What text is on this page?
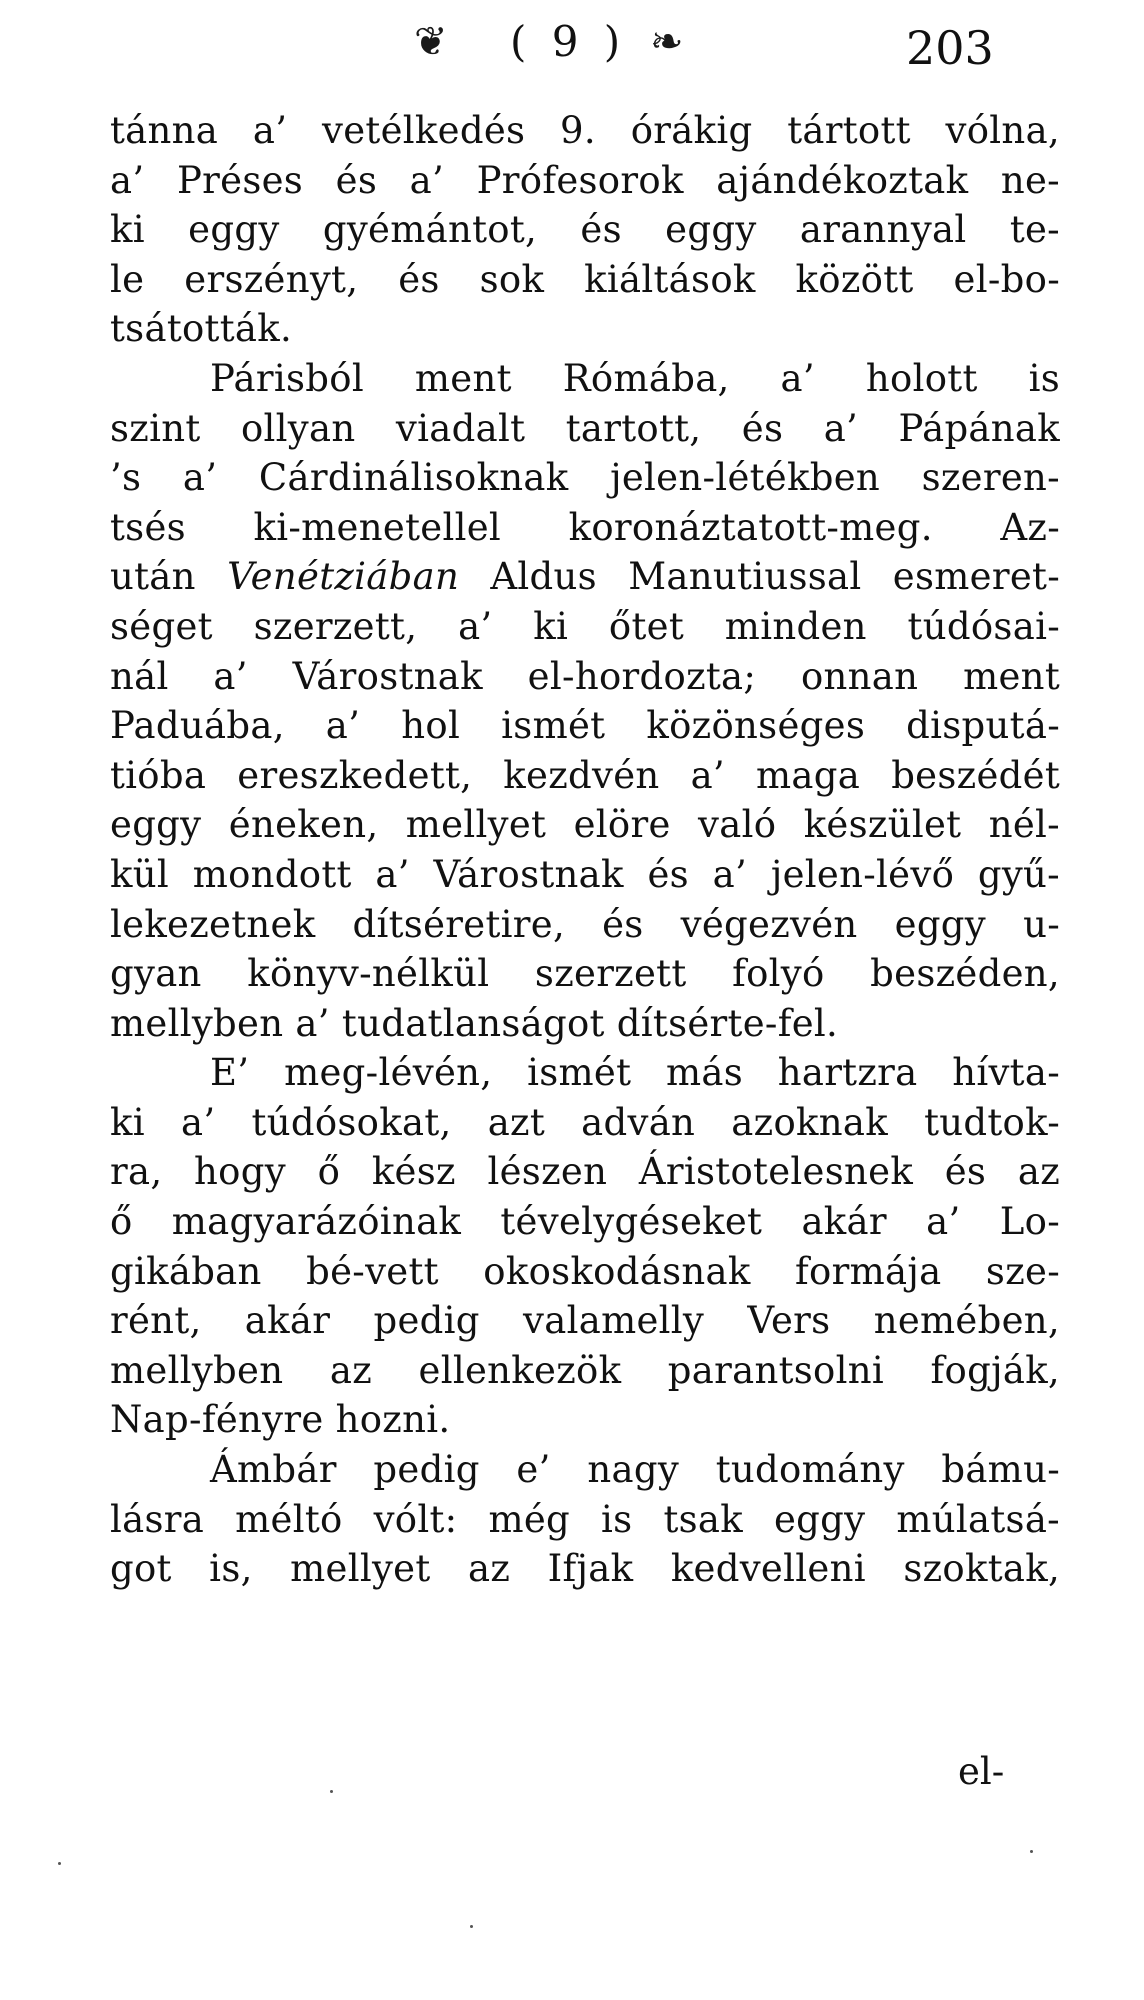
❦ ( 9 ) ❧	203
tánna a’ vetélkedés 9. órákig tártott vólna,
a’ Préses és a’ Prófesorok ajándékoztak ne-
ki eggy gyémántot, és eggy arannyal te-
le erszényt, és sok kiáltások között el-bo-
tsátották.
Párisból ment Rómába, a’ holott is
szint ollyan viadalt tartott, és a’ Pápának
’s a’ Cárdinálisoknak jelen-létékben szeren-
tsés ki-menetellel koronáztatott-meg. Az-
után Venétziában Aldus Manutiussal esmeret-
séget szerzett, a’ ki őtet minden túdósai-
nál a’ Várostnak el-hordozta; onnan ment
Paduába, a’ hol ismét közönséges disputá-
tióba ereszkedett, kezdvén a’ maga beszédét
eggy éneken, mellyet elöre való készület nél-
kül mondott a’ Várostnak és a’ jelen-lévő gyű-
lekezetnek dítséretire, és végezvén eggy u-
gyan könyv-nélkül szerzett folyó beszéden,
mellyben a’ tudatlanságot dítsérte-fel.
E’ meg-lévén, ismét más hartzra hívta-
ki a’ túdósokat, azt adván azoknak tudtok-
ra, hogy ő kész lészen Áristotelesnek és az
ő magyarázóinak tévelygéseket akár a’ Lo-
gikában bé-vett okoskodásnak formája sze-
rént, akár pedig valamelly Vers nemében,
mellyben az ellenkezök parantsolni fogják,
Nap-fényre hozni.
Ámbár pedig e’ nagy tudomány bámu-
lásra méltó vólt: még is tsak eggy múlatsá-
got is, mellyet az Ifjak kedvelleni szoktak,
el-
